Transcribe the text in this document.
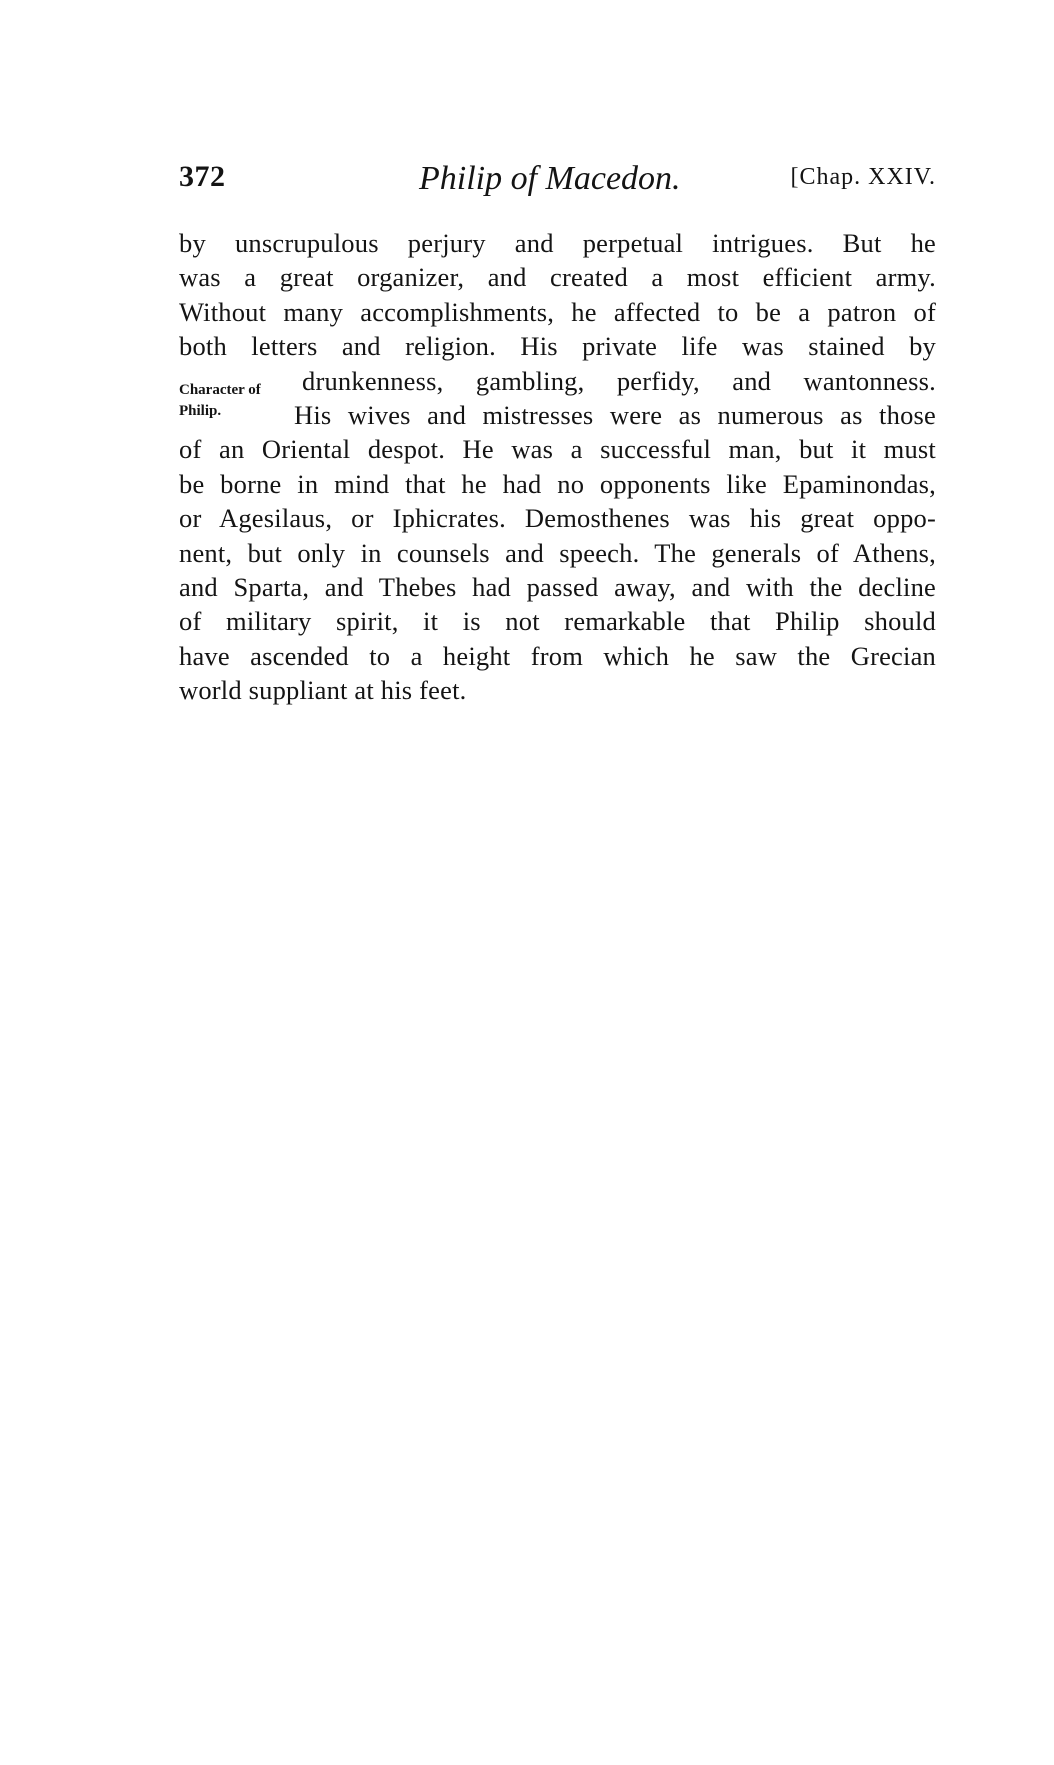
372	Philip of Macedon.	[Chap. XXIV.
Character of
Philip.
by unscrupulous perjury and perpetual intrigues. But he
was a great organizer, and created a most efficient army.
Without many accomplishments, he affected to be a patron of
both letters and religion. His private life was stained by
drunkenness, gambling, perfidy, and wantonness.
His wives and mistresses were as numerous as those
of an Oriental despot. He was a successful man, but it must
be borne in mind that he had no opponents like Epaminondas,
or Agesilaus, or Iphicrates. Demosthenes was his great oppo-
nent, but only in counsels and speech. The generals of Athens,
and Sparta, and Thebes had passed away, and with the decline
of military spirit, it is not remarkable that Philip should
have ascended to a height from which he saw the Grecian
world suppliant at his feet.
